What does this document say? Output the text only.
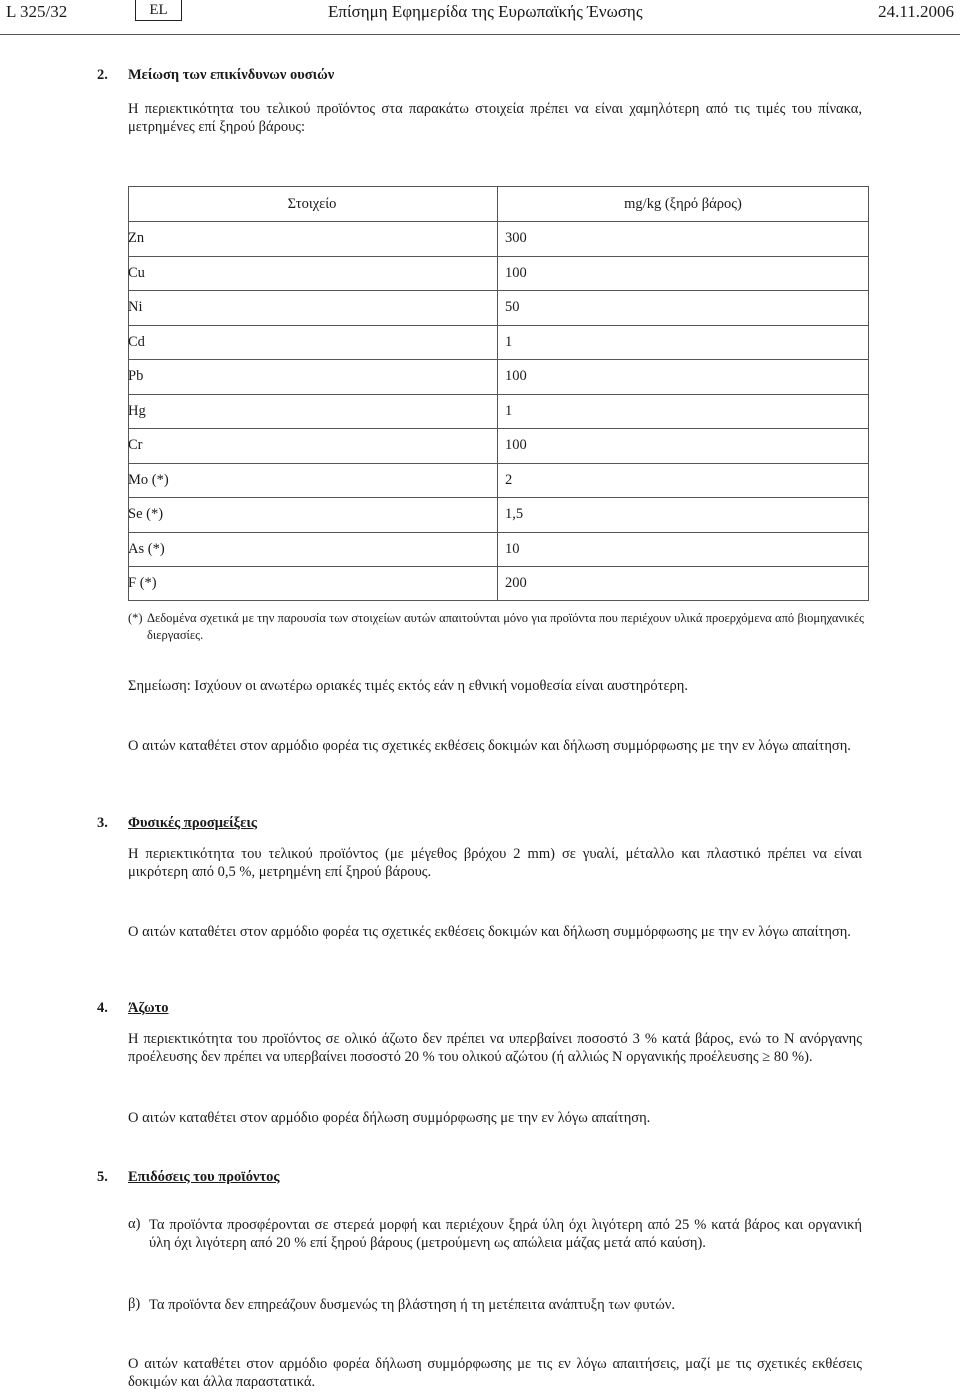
L 325/32	EL	Επίσημη Εφημερίδα της Ευρωπαϊκής Ένωσης	24.11.2006
2. Μείωση των επικίνδυνων ουσιών
Η περιεκτικότητα του τελικού προϊόντος στα παρακάτω στοιχεία πρέπει να είναι χαμηλότερη από τις τιμές του πίνακα, μετρημένες επί ξηρού βάρους:
Στοιχείο	mg/kg (ξηρό βάρος)
Zn	300
Cu	100
Ni	50
Cd	1
Pb	100
Hg	1
Cr	100
Mo (*)	2
Se (*)	1,5
As (*)	10
F (*)	200
(*) Δεδομένα σχετικά με την παρουσία των στοιχείων αυτών απαιτούνται μόνο για προϊόντα που περιέχουν υλικά προερχόμενα από βιομηχανικές διεργασίες.
Σημείωση: Ισχύουν οι ανωτέρω οριακές τιμές εκτός εάν η εθνική νομοθεσία είναι αυστηρότερη.
Ο αιτών καταθέτει στον αρμόδιο φορέα τις σχετικές εκθέσεις δοκιμών και δήλωση συμμόρφωσης με την εν λόγω απαίτηση.
3. Φυσικές προσμείξεις
Η περιεκτικότητα του τελικού προϊόντος (με μέγεθος βρόχου 2 mm) σε γυαλί, μέταλλο και πλαστικό πρέπει να είναι μικρότερη από 0,5 %, μετρημένη επί ξηρού βάρους.
Ο αιτών καταθέτει στον αρμόδιο φορέα τις σχετικές εκθέσεις δοκιμών και δήλωση συμμόρφωσης με την εν λόγω απαίτηση.
4. Άζωτο
Η περιεκτικότητα του προϊόντος σε ολικό άζωτο δεν πρέπει να υπερβαίνει ποσοστό 3 % κατά βάρος, ενώ το N ανόργανης προέλευσης δεν πρέπει να υπερβαίνει ποσοστό 20 % του ολικού αζώτου (ή αλλιώς N οργανικής προέλευσης ≥ 80 %).
Ο αιτών καταθέτει στον αρμόδιο φορέα δήλωση συμμόρφωσης με την εν λόγω απαίτηση.
5. Επιδόσεις του προϊόντος
α) Τα προϊόντα προσφέρονται σε στερεά μορφή και περιέχουν ξηρά ύλη όχι λιγότερη από 25 % κατά βάρος και οργανική ύλη όχι λιγότερη από 20 % επί ξηρού βάρους (μετρούμενη ως απώλεια μάζας μετά από καύση).
β) Τα προϊόντα δεν επηρεάζουν δυσμενώς τη βλάστηση ή τη μετέπειτα ανάπτυξη των φυτών.
Ο αιτών καταθέτει στον αρμόδιο φορέα δήλωση συμμόρφωσης με τις εν λόγω απαιτήσεις, μαζί με τις σχετικές εκθέσεις δοκιμών και άλλα παραστατικά.
